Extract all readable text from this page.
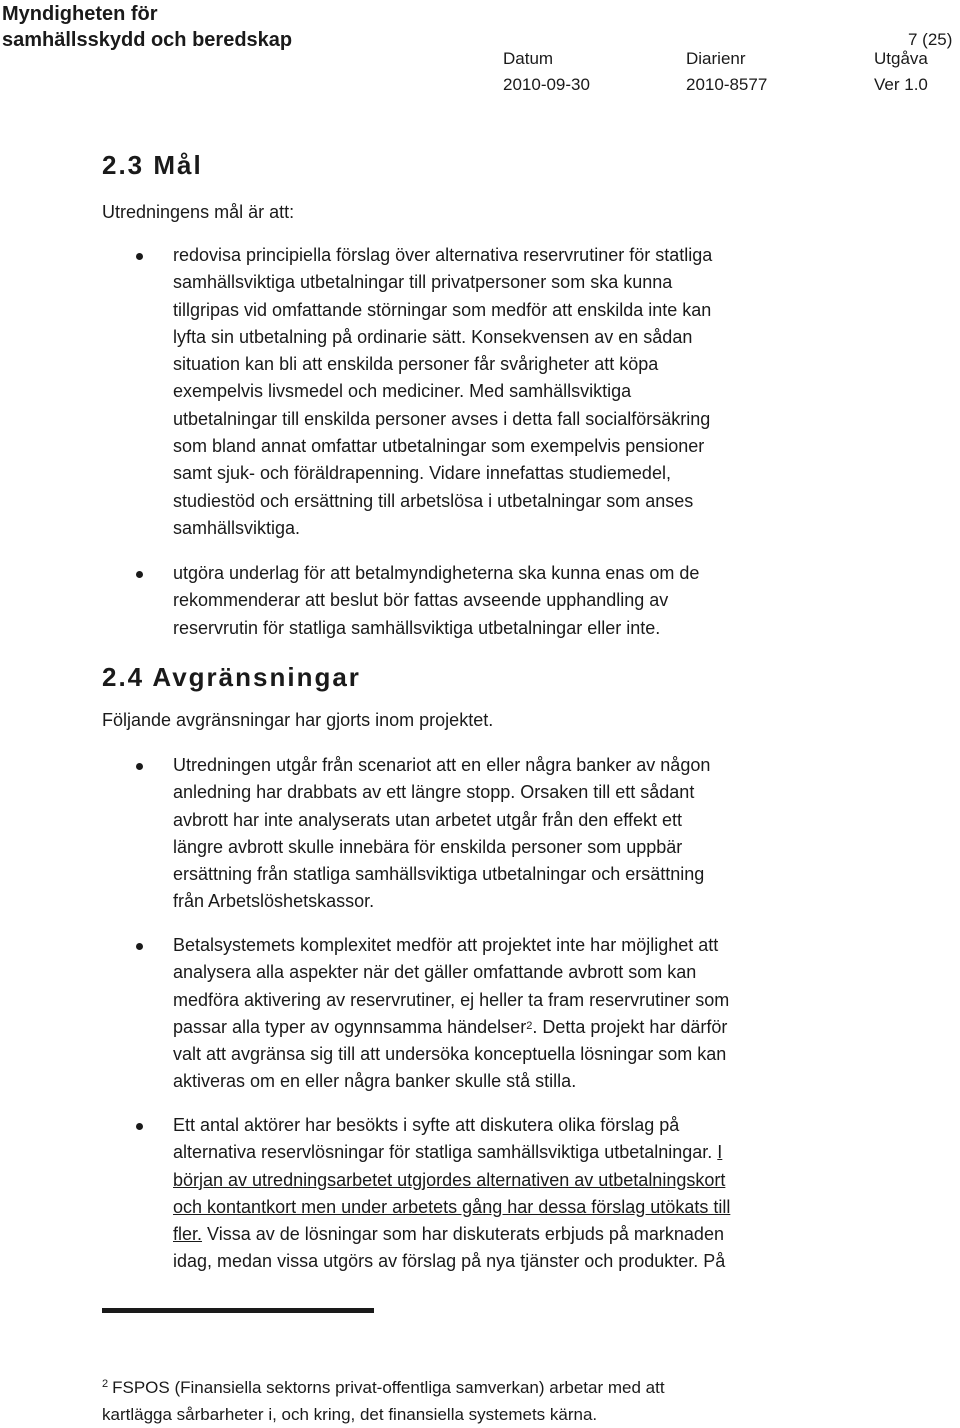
Myndigheten för
samhällsskydd och beredskap	7 (25)
Datum
2010-09-30
Diarienr
2010-8577
Utgåva
Ver 1.0
2.3 Mål
Utredningens mål är att:
redovisa principiella förslag över alternativa reservrutiner för statliga
samhällsviktiga utbetalningar till privatpersoner som ska kunna
tillgripas vid omfattande störningar som medför att enskilda inte kan
lyfta sin utbetalning på ordinarie sätt. Konsekvensen av en sådan
situation kan bli att enskilda personer får svårigheter att köpa
exempelvis livsmedel och mediciner. Med samhällsviktiga
utbetalningar till enskilda personer avses i detta fall socialförsäkring
som bland annat omfattar utbetalningar som exempelvis pensioner
samt sjuk- och föräldrapenning. Vidare innefattas studiemedel,
studiestöd och ersättning till arbetslösa i utbetalningar som anses
samhällsviktiga.
utgöra underlag för att betalmyndigheterna ska kunna enas om de
rekommenderar att beslut bör fattas avseende upphandling av
reservrutin för statliga samhällsviktiga utbetalningar eller inte.
2.4 Avgränsningar
Följande avgränsningar har gjorts inom projektet.
Utredningen utgår från scenariot att en eller några banker av någon
anledning har drabbats av ett längre stopp. Orsaken till ett sådant
avbrott har inte analyserats utan arbetet utgår från den effekt ett
längre avbrott skulle innebära för enskilda personer som uppbär
ersättning från statliga samhällsviktiga utbetalningar och ersättning
från Arbetslöshetskassor.
Betalsystemets komplexitet medför att projektet inte har möjlighet att
analysera alla aspekter när det gäller omfattande avbrott som kan
medföra aktivering av reservrutiner, ej heller ta fram reservrutiner som
passar alla typer av ogynnsamma händelser$^2$. Detta projekt har därför
valt att avgränsa sig till att undersöka konceptuella lösningar som kan
aktiveras om en eller några banker skulle stå stilla.
Ett antal aktörer har besökts i syfte att diskutera olika förslag på
alternativa reservlösningar för statliga samhällsviktiga utbetalningar. I
början av utredningsarbetet utgjordes alternativen av utbetalningskort
och kontantkort men under arbetets gång har dessa förslag utökats till
fler. Vissa av de lösningar som har diskuterats erbjuds på marknaden
idag, medan vissa utgörs av förslag på nya tjänster och produkter. På
$^2$ FSPOS (Finansiella sektorns privat-offentliga samverkan) arbetar med att
kartlägga sårbarheter i, och kring, det finansiella systemets kärna.
